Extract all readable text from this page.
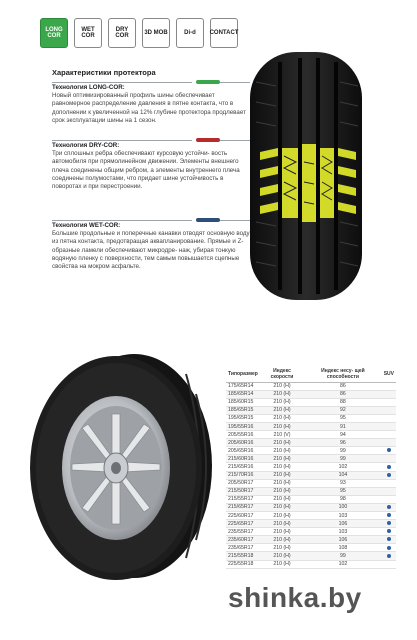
LONG
COR
WET
COR
DRY
COR
3D MOB	Di-d CONTACT
Характеристики протектора
Технология LONG-COR:
Новый оптимизированный профиль шины обеспечивает равномерное распределение давления в пятне контакта, что в дополнении к увеличенной на 12% глубине протектора продлевает срок эксплуатации шины на 1 сезон.
Технология DRY-COR:
Три сплошных ребра обеспечивают курсовую устойчи- вость автомобиля при прямолинейном движении. Элементы внешнего плеча соединены общим ребром, а элементы внутреннего плеча соединены полумостами, что придает шине устойчивость в поворотах и при перестроении.
Технология WET-COR:
Большие продольные и поперечные канавки отводят основную воду из пятна контакта, предотвращая аквапланирование. Прямые и Z-образные ламели обеспечивают микродре- наж, убирая тонкую водяную пленку с поверхности, тем самым повышается сцепные свойства на мокром асфальте.
Типоразмер	Индекс скорости	Индекс несу- щей способности	SUV
175/65R14	210 (H)	86	
185/65R14	210 (H)	86	
185/60R15	210 (H)	88	
185/65R15	210 (H)	92	
195/65R15	210 (H)	95	
195/55R16	210 (H)	91	
205/55R16	210 (V)	94	
205/60R16	210 (H)	96	
205/65R16	210 (H)	99	
215/60R16	210 (H)	99	
215/65R16	210 (H)	102	
215/70R16	210 (H)	104	
205/50R17	210 (H)	93	
215/50R17	210 (H)	95	
215/55R17	210 (H)	98	
215/65R17	210 (H)	100	
225/60R17	210 (H)	103	
225/65R17	210 (H)	106	
235/55R17	210 (H)	103	
235/60R17	210 (H)	106	
235/65R17	210 (H)	108	
215/55R18	210 (H)	99	
225/55R18	210 (H)	102	
shinka.by
